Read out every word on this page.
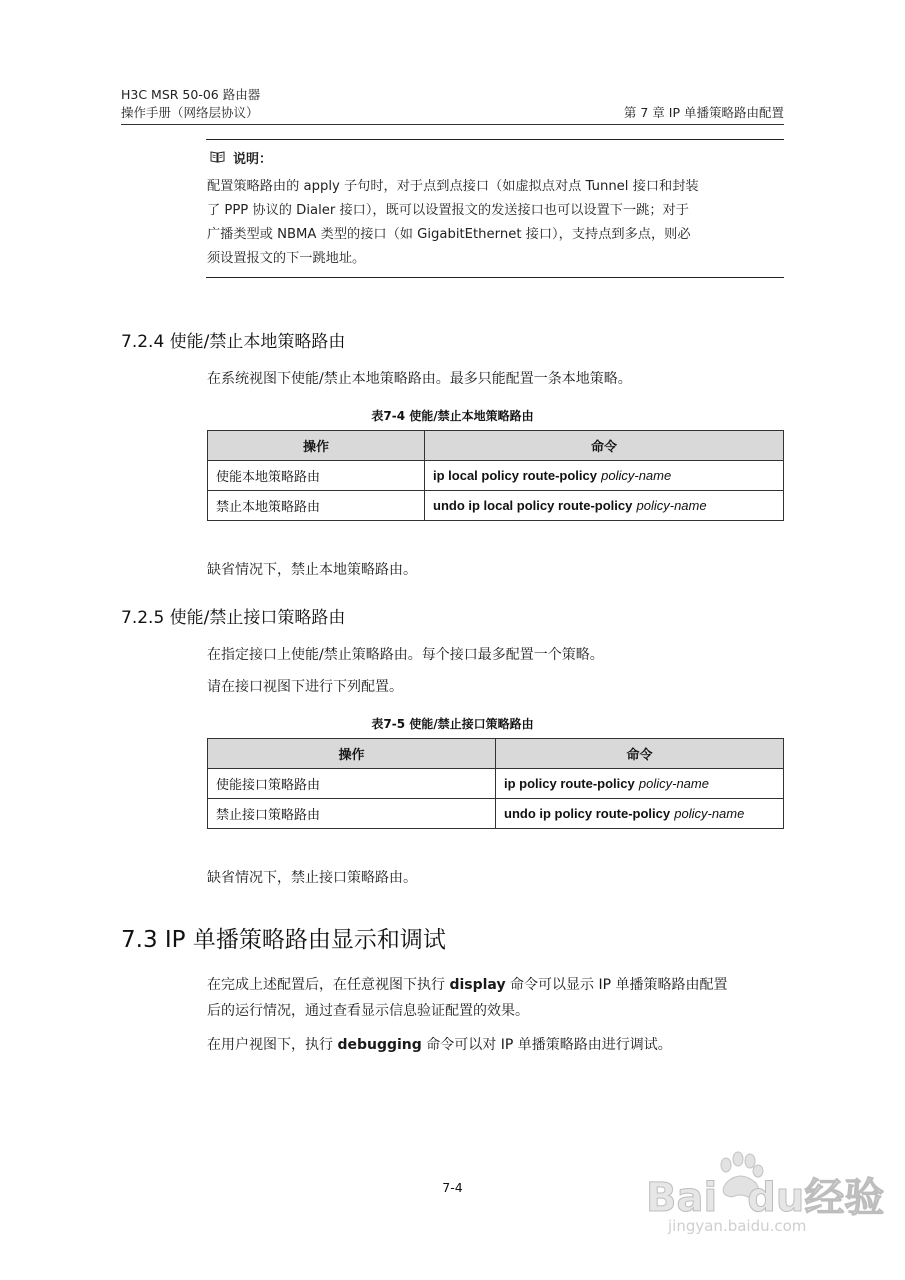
H3C MSR 50-06 路由器
操作手册（网络层协议）	第 7 章 IP 单播策略路由配置
说明：
配置策略路由的 apply 子句时，对于点到点接口（如虚拟点对点 Tunnel 接口和封装
了 PPP 协议的 Dialer 接口），既可以设置报文的发送接口也可以设置下一跳；对于
广播类型或 NBMA 类型的接口（如 GigabitEthernet 接口），支持点到多点，则必
须设置报文的下一跳地址。
7.2.4 使能/禁止本地策略路由
在系统视图下使能/禁止本地策略路由。最多只能配置一条本地策略。
表7-4 使能/禁止本地策略路由
操作	命令
使能本地策略路由	ip local policy route-policy policy-name
禁止本地策略路由	undo ip local policy route-policy policy-name
缺省情况下，禁止本地策略路由。
7.2.5 使能/禁止接口策略路由
在指定接口上使能/禁止策略路由。每个接口最多配置一个策略。
请在接口视图下进行下列配置。
表7-5 使能/禁止接口策略路由
操作	命令
使能接口策略路由	ip policy route-policy policy-name
禁止接口策略路由	undo ip policy route-policy policy-name
缺省情况下，禁止接口策略路由。
7.3 IP 单播策略路由显示和调试
在完成上述配置后，在任意视图下执行 display 命令可以显示 IP 单播策略路由配置
后的运行情况，通过查看显示信息验证配置的效果。
在用户视图下，执行 debugging 命令可以对 IP 单播策略路由进行调试。
7-4	Bai du经验
jingyan.baidu.com
